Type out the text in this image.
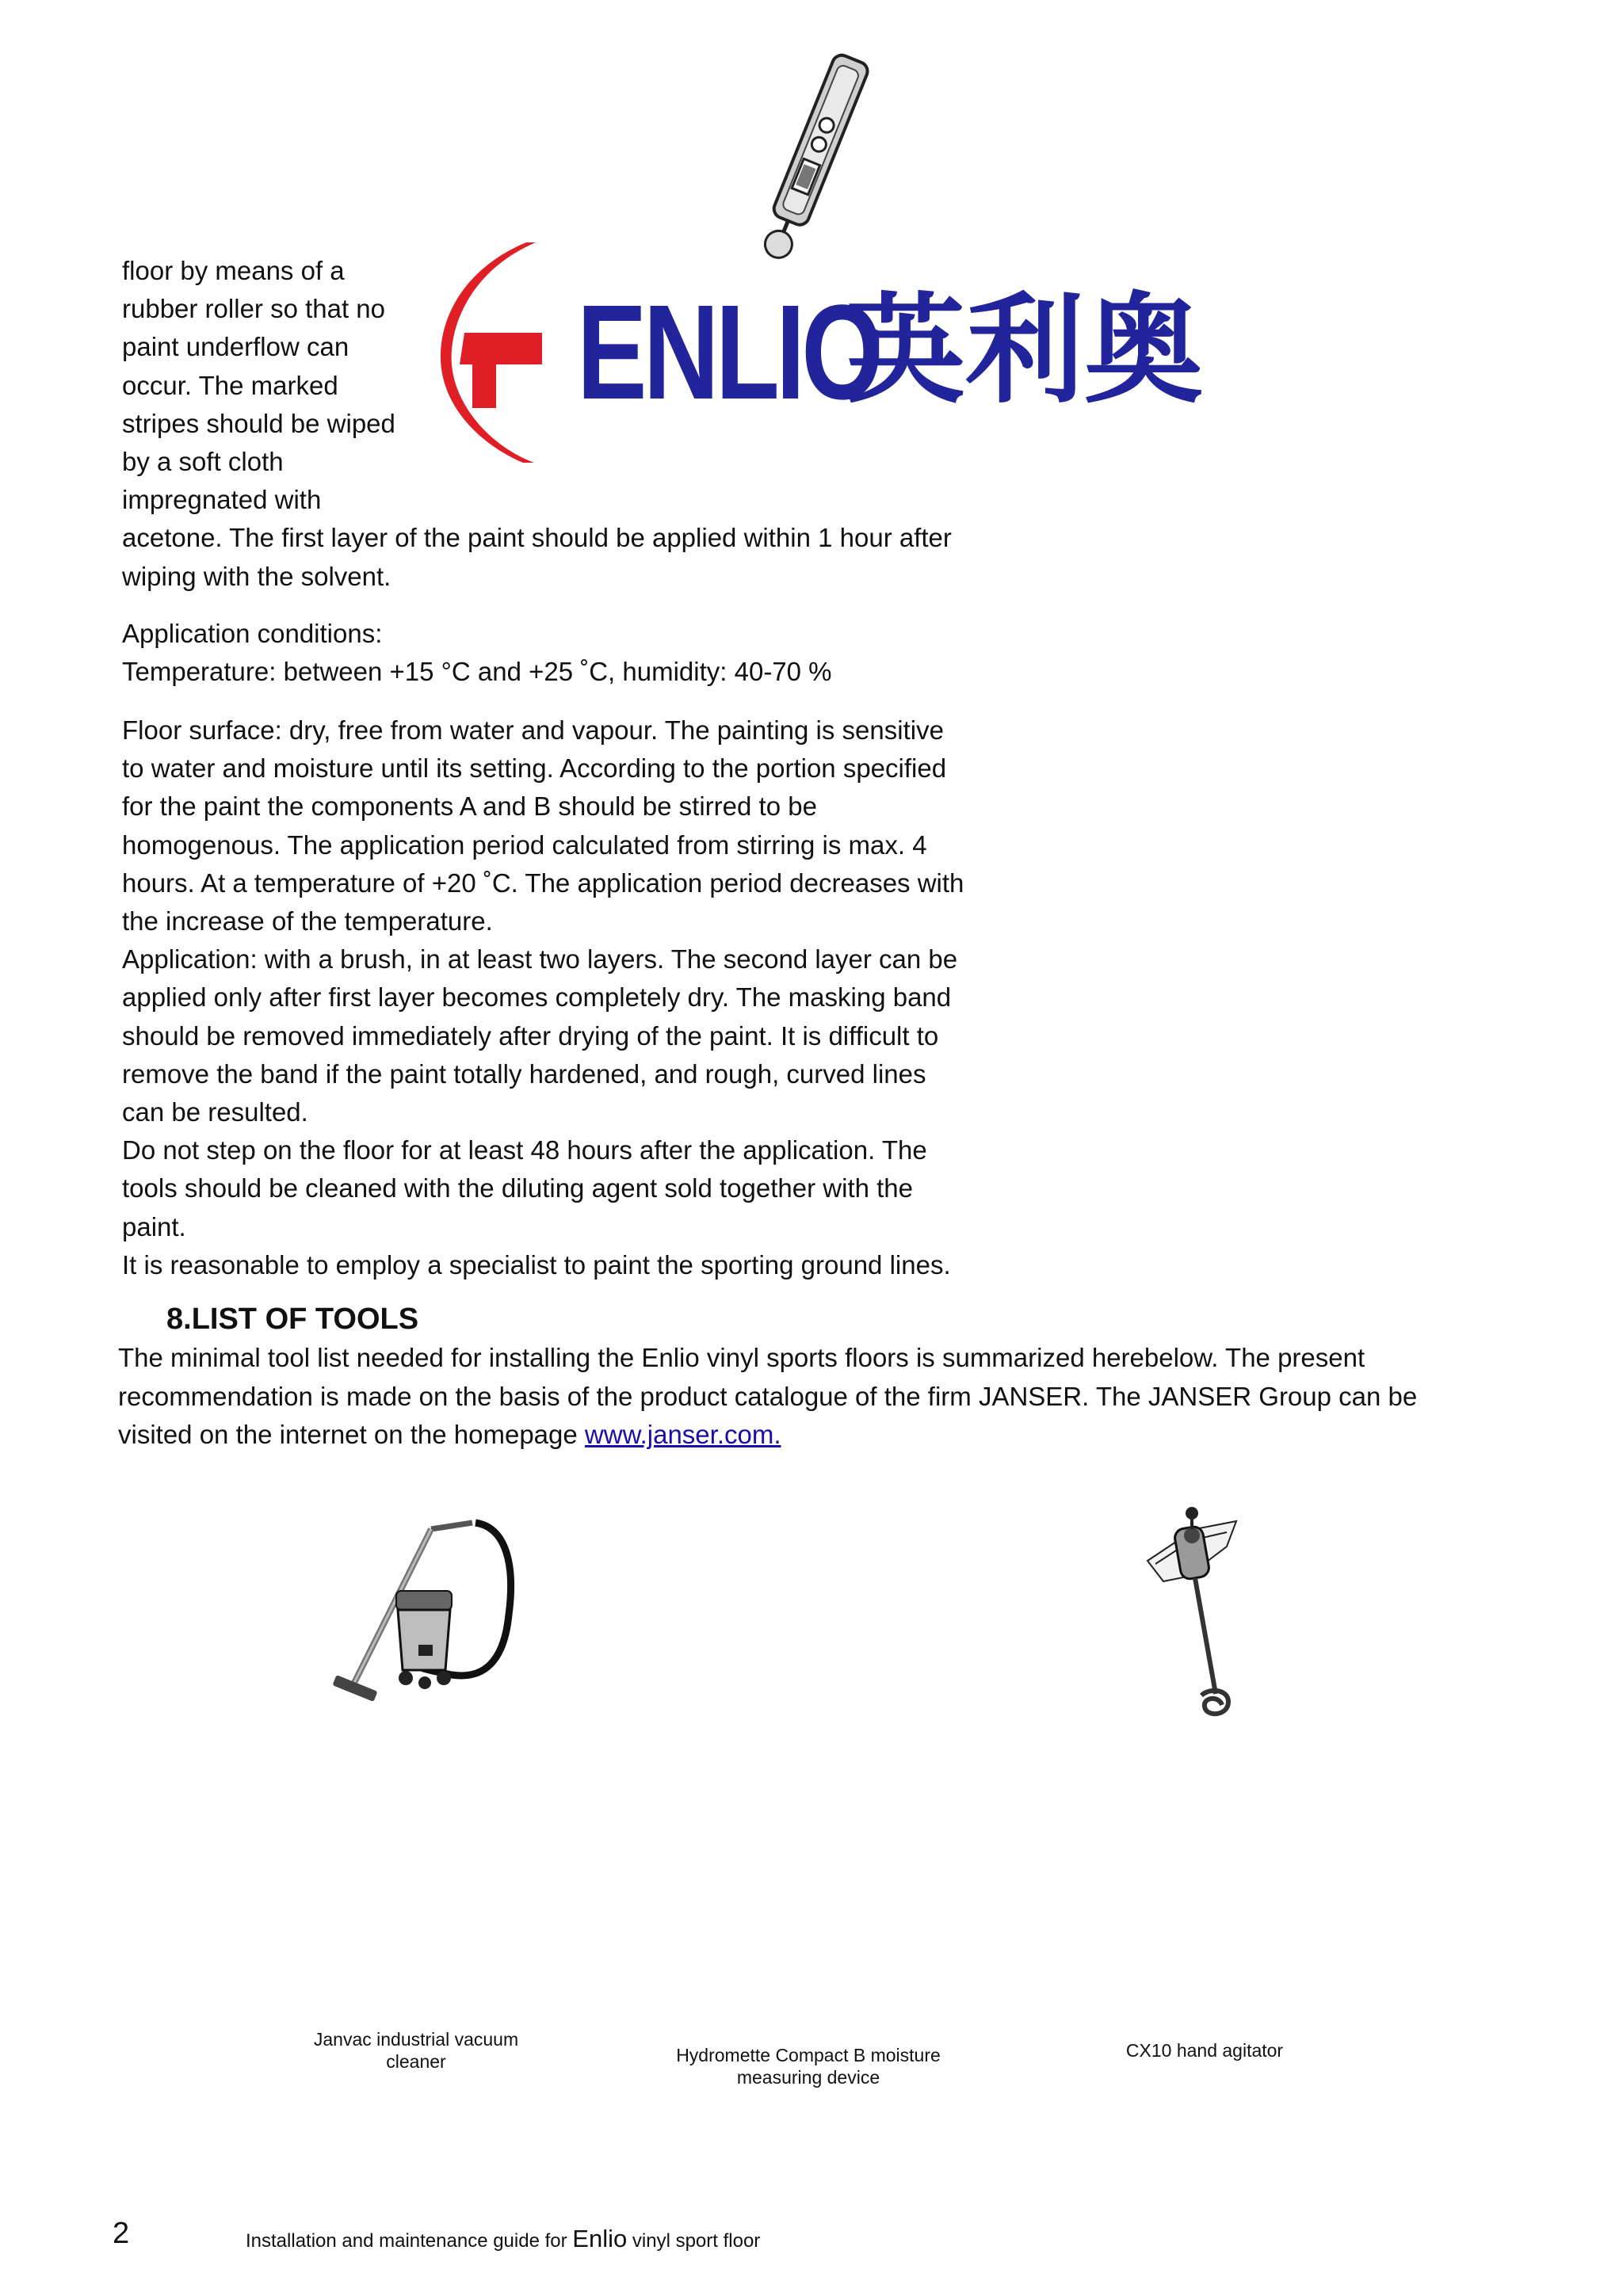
ENLIO
英利奥
floor by means of a
rubber roller so that no
paint underflow can
occur. The marked
stripes should be wiped
by a soft cloth
impregnated with
acetone. The first layer of the paint should be applied within 1 hour after
wiping with the solvent.
Application conditions:
Temperature: between +15 °C and +25 ˚C, humidity: 40-70 %
Floor surface: dry, free from water and vapour. The painting is sensitive
to water and moisture until its setting. According to the portion specified
for the paint the components A and B should be stirred to be
homogenous. The application period calculated from stirring is max. 4
hours. At a temperature of +20 ˚C. The application period decreases with
the increase of the temperature.
Application: with a brush, in at least two layers. The second layer can be
applied only after first layer becomes completely dry. The masking band
should be removed immediately after drying of the paint. It is difficult to
remove the band if the paint totally hardened, and rough, curved lines
can be resulted.
Do not step on the floor for at least 48 hours after the application. The
tools should be cleaned with the diluting agent sold together with the
paint.
It is reasonable to employ a specialist to paint the sporting ground lines.
8.LIST OF TOOLS
The minimal tool list needed for installing the Enlio vinyl sports floors is summarized herebelow. The present
recommendation is made on the basis of the product catalogue of the firm JANSER. The JANSER Group can be
visited on the internet on the homepage www.janser.com.
Janvac industrial vacuum
cleaner	Hydromette Compact B moisture
measuring device
CX10 hand agitator
2	Installation and maintenance guide for Enlio vinyl sport floor
